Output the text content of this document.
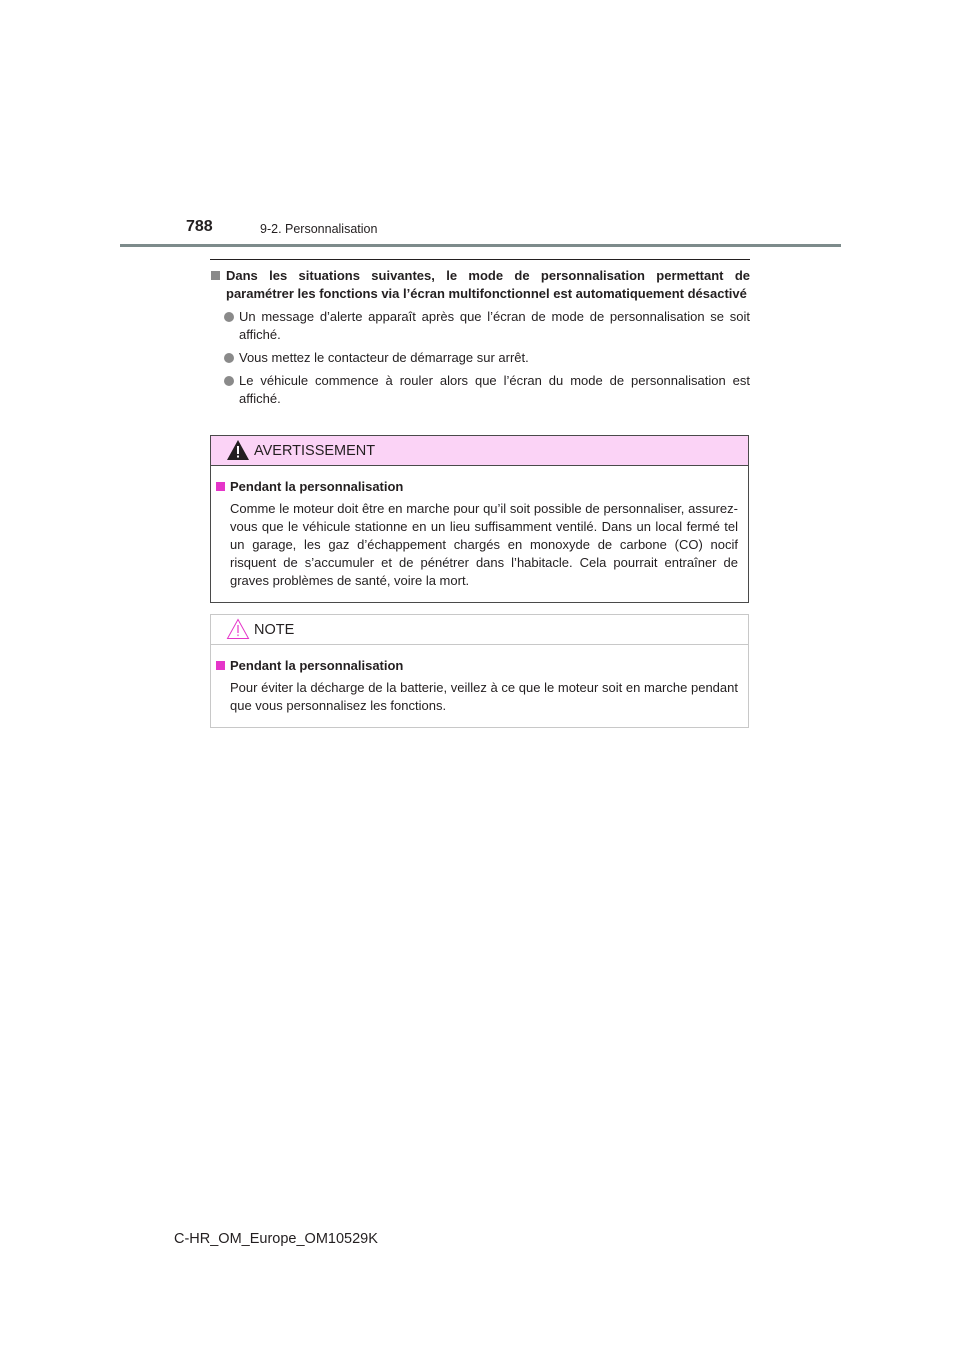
788	9-2. Personnalisation
Dans les situations suivantes, le mode de personnalisation permettant de paramétrer les fonctions via l’écran multifonctionnel est automatiquement désactivé
Un message d’alerte apparaît après que l’écran de mode de personnalisation se soit affiché.
Vous mettez le contacteur de démarrage sur arrêt.
Le véhicule commence à rouler alors que l’écran du mode de personnalisation est affiché.
AVERTISSEMENT
Pendant la personnalisation
Comme le moteur doit être en marche pour qu’il soit possible de personnaliser, assurez-vous que le véhicule stationne en un lieu suffisamment ventilé. Dans un local fermé tel un garage, les gaz d’échappement chargés en monoxyde de carbone (CO) nocif risquent de s’accumuler et de pénétrer dans l’habitacle. Cela pourrait entraîner de graves problèmes de santé, voire la mort.
NOTE
Pendant la personnalisation
Pour éviter la décharge de la batterie, veillez à ce que le moteur soit en marche pendant que vous personnalisez les fonctions.
C-HR_OM_Europe_OM10529K
